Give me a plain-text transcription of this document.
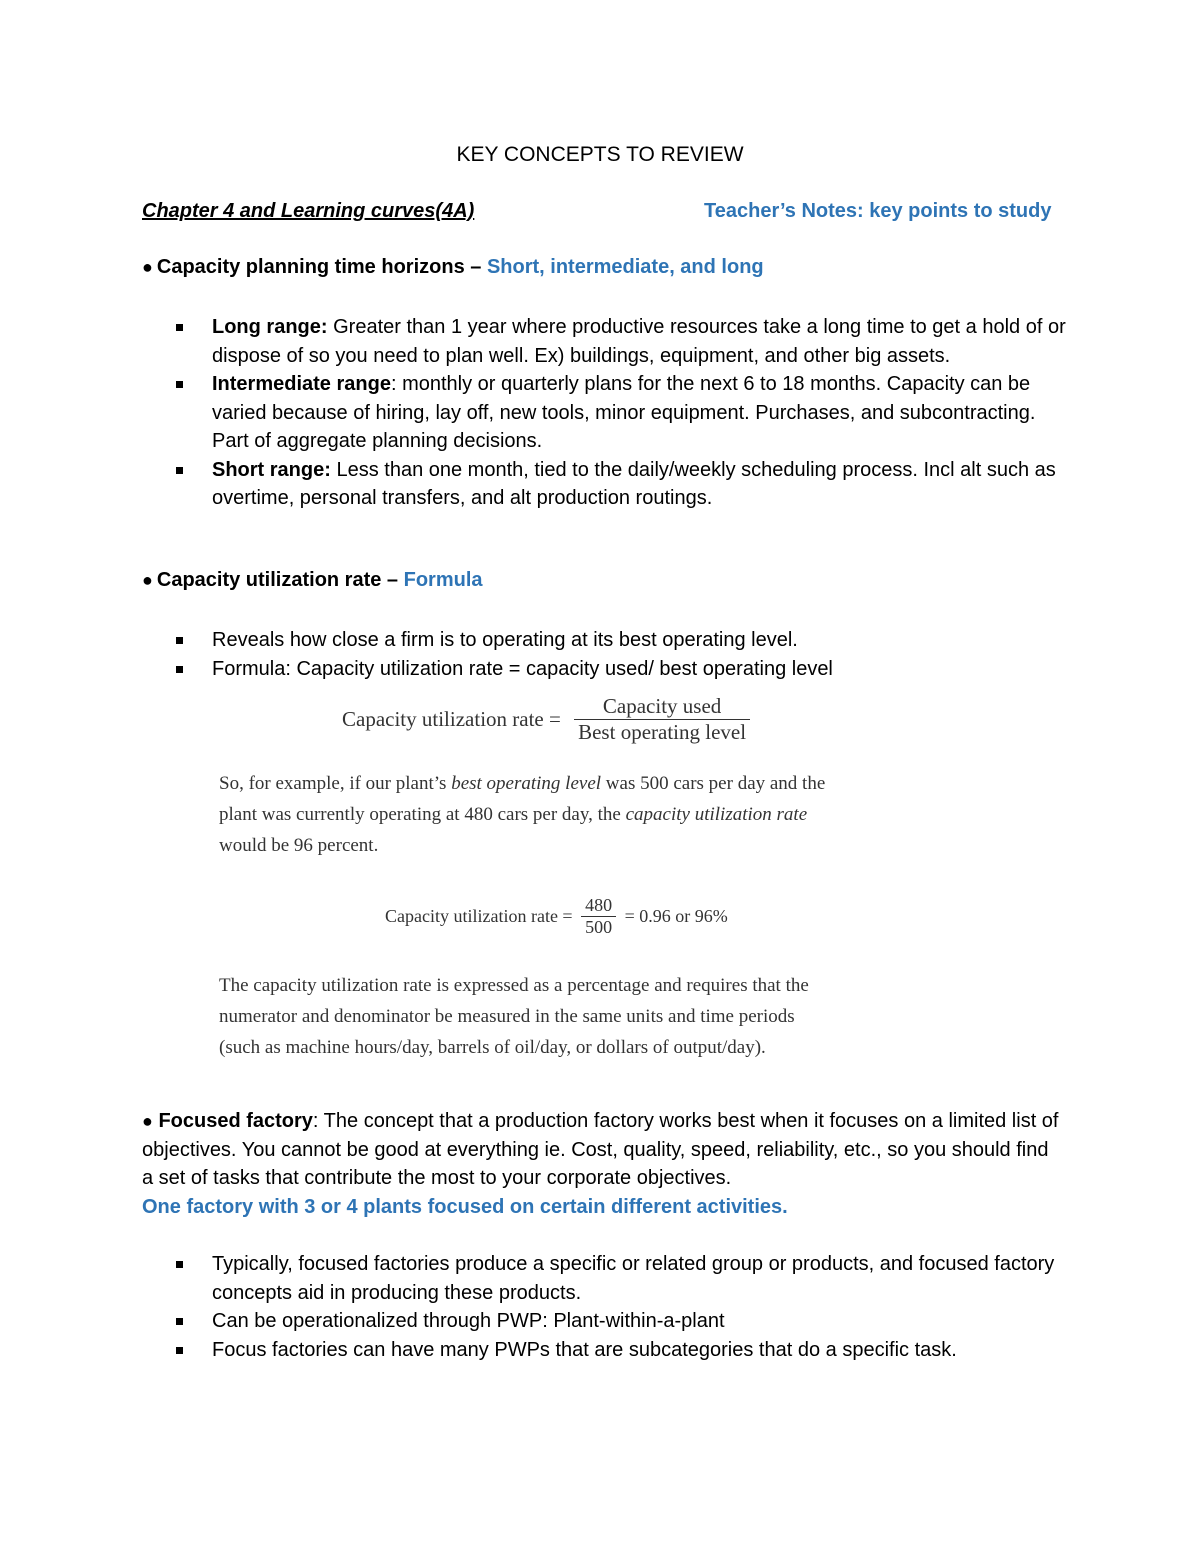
KEY CONCEPTS TO REVIEW
Chapter 4 and Learning curves(4A)	Teacher’s Notes: key points to study
● Capacity planning time horizons – Short, intermediate, and long
Long range: Greater than 1 year where productive resources take a long time to get a hold of or dispose of so you need to plan well. Ex) buildings, equipment, and other big assets.
Intermediate range: monthly or quarterly plans for the next 6 to 18 months. Capacity can be varied because of hiring, lay off, new tools, minor equipment. Purchases, and subcontracting. Part of aggregate planning decisions.
Short range: Less than one month, tied to the daily/weekly scheduling process. Incl alt such as overtime, personal transfers, and alt production routings.
● Capacity utilization rate – Formula
Reveals how close a firm is to operating at its best operating level.
Formula: Capacity utilization rate = capacity used/ best operating level
Capacity utilization rate = $\frac{\text{Capacity used}}{\text{Best operating level}}$
So, for example, if our plant’s best operating level was 500 cars per day and the
plant was currently operating at 480 cars per day, the capacity utilization rate
would be 96 percent.
Capacity utilization rate = $\frac{480}{500} = 0.96$ or 96%
The capacity utilization rate is expressed as a percentage and requires that the
numerator and denominator be measured in the same units and time periods
(such as machine hours/day, barrels of oil/day, or dollars of output/day).
● Focused factory: The concept that a production factory works best when it focuses on a limited list of objectives. You cannot be good at everything ie. Cost, quality, speed, reliability, etc., so you should find a set of tasks that contribute the most to your corporate objectives.
One factory with 3 or 4 plants focused on certain different activities.
Typically, focused factories produce a specific or related group or products, and focused factory concepts aid in producing these products.
Can be operationalized through PWP: Plant-within-a-plant
Focus factories can have many PWPs that are subcategories that do a specific task.
